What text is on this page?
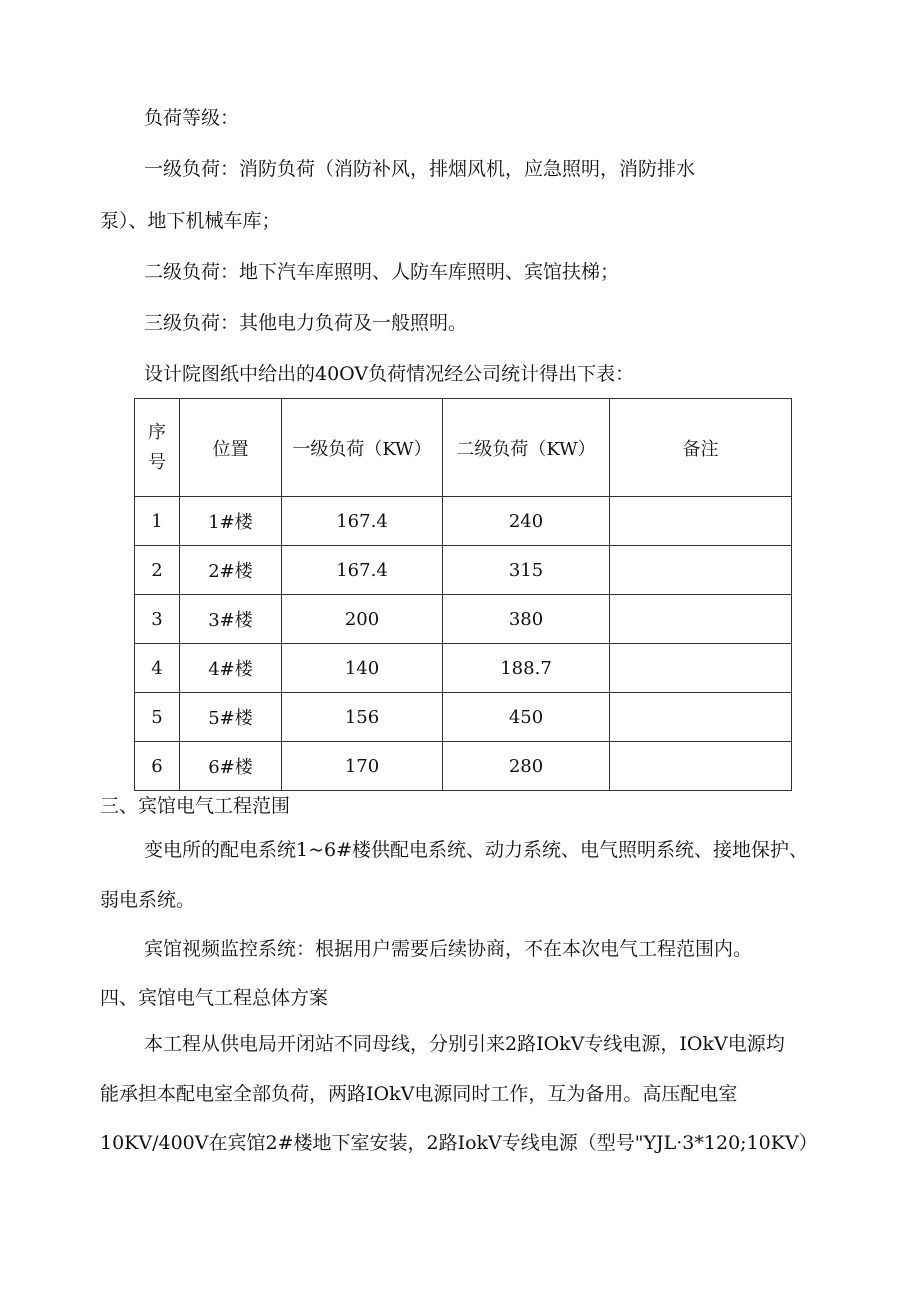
负荷等级：

一级负荷：消防负荷（消防补风，排烟风机，应急照明，消防排水

泵）、地下机械车库；

二级负荷：地下汽车库照明、人防车库照明、宾馆扶梯；

三级负荷：其他电力负荷及一般照明。

设计院图纸中给出的40OV负荷情况经公司统计得出下表：

序
号	位置	一级负荷（KW）	二级负荷（KW）	备注
1	1#楼	167.4	240	
2	2#楼	167.4	315	
3	3#楼	200	380	
4	4#楼	140	188.7	
5	5#楼	156	450	
6	6#楼	170	280	

三、宾馆电气工程范围

变电所的配电系统1~6#楼供配电系统、动力系统、电气照明系统、接地保护、

弱电系统。

宾馆视频监控系统：根据用户需要后续协商，不在本次电气工程范围内。

四、宾馆电气工程总体方案

本工程从供电局开闭站不同母线，分别引来2路IOkV专线电源，IOkV电源均

能承担本配电室全部负荷，两路IOkV电源同时工作，互为备用。高压配电室

10KV/400V在宾馆2#楼地下室安装，2路IokV专线电源（型号"YJL·3*120;10KV）
